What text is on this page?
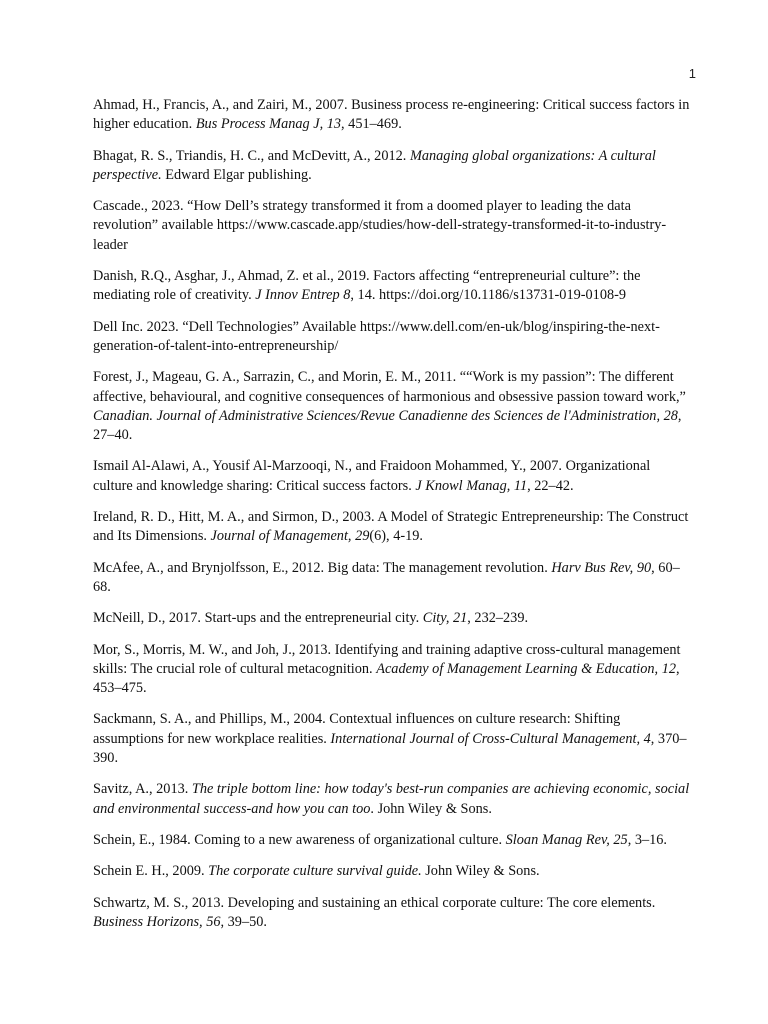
1

Ahmad, H., Francis, A., and Zairi, M., 2007. Business process re-engineering: Critical success factors in higher education. Bus Process Manag J, 13, 451–469.

Bhagat, R. S., Triandis, H. C., and McDevitt, A., 2012. Managing global organizations: A cultural perspective. Edward Elgar publishing.

Cascade., 2023. “How Dell’s strategy transformed it from a doomed player to leading the data revolution” available https://www.cascade.app/studies/how-dell-strategy-transformed-it-to-industry-leader

Danish, R.Q., Asghar, J., Ahmad, Z. et al., 2019. Factors affecting “entrepreneurial culture”: the mediating role of creativity. J Innov Entrep 8, 14. https://doi.org/10.1186/s13731-019-0108-9

Dell Inc. 2023. “Dell Technologies” Available https://www.dell.com/en-uk/blog/inspiring-the-next-generation-of-talent-into-entrepreneurship/

Forest, J., Mageau, G. A., Sarrazin, C., and Morin, E. M., 2011. ““Work is my passion”: The different affective, behavioural, and cognitive consequences of harmonious and obsessive passion toward work,” Canadian. Journal of Administrative Sciences/Revue Canadienne des Sciences de l'Administration, 28, 27–40.

Ismail Al-Alawi, A., Yousif Al-Marzooqi, N., and Fraidoon Mohammed, Y., 2007. Organizational culture and knowledge sharing: Critical success factors. J Knowl Manag, 11, 22–42.

Ireland, R. D., Hitt, M. A., and Sirmon, D., 2003. A Model of Strategic Entrepreneurship: The Construct and Its Dimensions. Journal of Management, 29(6), 4-19.

McAfee, A., and Brynjolfsson, E., 2012. Big data: The management revolution. Harv Bus Rev, 90, 60–68.

McNeill, D., 2017. Start-ups and the entrepreneurial city. City, 21, 232–239.

Mor, S., Morris, M. W., and Joh, J., 2013. Identifying and training adaptive cross-cultural management skills: The crucial role of cultural metacognition. Academy of Management Learning & Education, 12, 453–475.

Sackmann, S. A., and Phillips, M., 2004. Contextual influences on culture research: Shifting assumptions for new workplace realities. International Journal of Cross-Cultural Management, 4, 370–390.

Savitz, A., 2013. The triple bottom line: how today's best-run companies are achieving economic, social and environmental success-and how you can too. John Wiley & Sons.

Schein, E., 1984. Coming to a new awareness of organizational culture. Sloan Manag Rev, 25, 3–16.

Schein E. H., 2009. The corporate culture survival guide. John Wiley & Sons.

Schwartz, M. S., 2013. Developing and sustaining an ethical corporate culture: The core elements. Business Horizons, 56, 39–50.
